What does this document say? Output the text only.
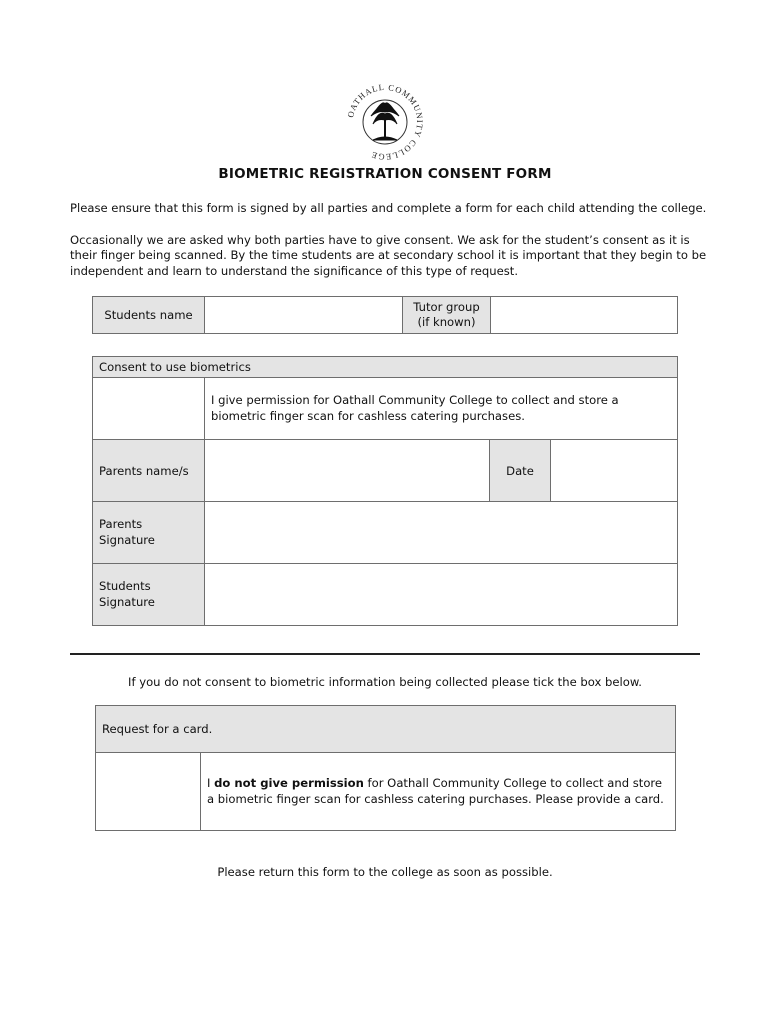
OATHALL COMMUNITY COLLEGE
BIOMETRIC REGISTRATION CONSENT FORM
Please ensure that this form is signed by all parties and complete a form for each child attending the college.
Occasionally we are asked why both parties have to give consent. We ask for the student’s consent as it is their finger being scanned. By the time students are at secondary school it is important that they begin to be independent and learn to understand the significance of this type of request.
Students name		Tutor group
(if known)	
Consent to use biometrics			
	I give permission for Oathall Community College to collect and store a biometric finger scan for cashless catering purchases.		
Parents name/s		Date	
Parents
Signature			
Students
Signature			
If you do not consent to biometric information being collected please tick the box below.
Request for a card.
	I do not give permission for Oathall Community College to collect and store a biometric finger scan for cashless catering purchases. Please provide a card.
Please return this form to the college as soon as possible.
